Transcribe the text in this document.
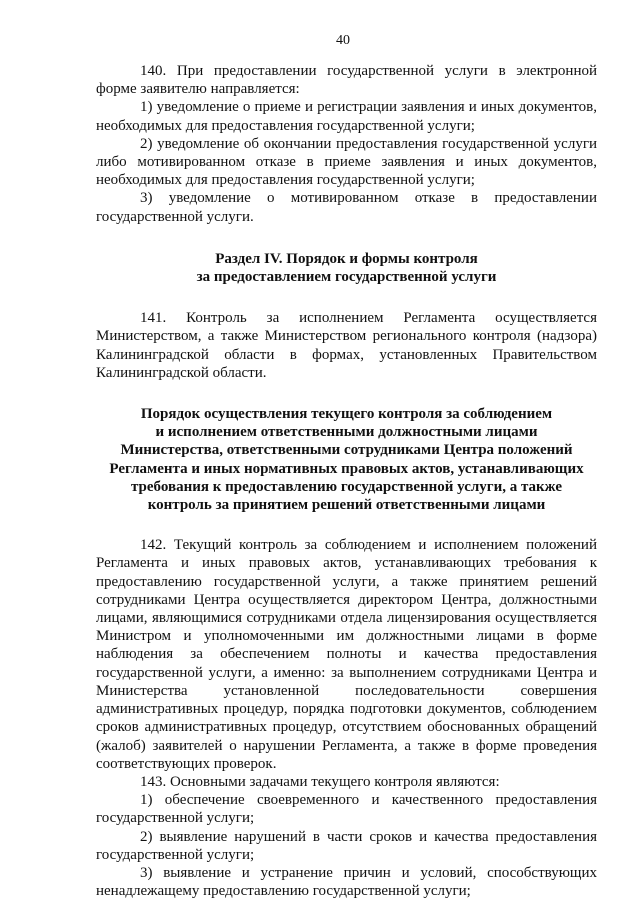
40

140. При предоставлении государственной услуги в электронной форме заявителю направляется:

1) уведомление о приеме и регистрации заявления и иных документов, необходимых для предоставления государственной услуги;

2) уведомление об окончании предоставления государственной услуги либо мотивированном отказе в приеме заявления и иных документов, необходимых для предоставления государственной услуги;

3) уведомление о мотивированном отказе в предоставлении государственной услуги.

Раздел IV. Порядок и формы контроля
за предоставлением государственной услуги

141. Контроль за исполнением Регламента осуществляется Министерством, а также Министерством регионального контроля (надзора) Калининградской области в формах, установленных Правительством Калининградской области.

Порядок осуществления текущего контроля за соблюдением
и исполнением ответственными должностными лицами
Министерства, ответственными сотрудниками Центра положений
Регламента и иных нормативных правовых актов, устанавливающих
требования к предоставлению государственной услуги, а также
контроль за принятием решений ответственными лицами

142. Текущий контроль за соблюдением и исполнением положений Регламента и иных правовых актов, устанавливающих требования к предоставлению государственной услуги, а также принятием решений сотрудниками Центра осуществляется директором Центра, должностными лицами, являющимися сотрудниками отдела лицензирования осуществляется Министром и уполномоченными им должностными лицами в форме наблюдения за обеспечением полноты и качества предоставления государственной услуги, а именно: за выполнением сотрудниками Центра и Министерства установленной последовательности совершения административных процедур, порядка подготовки документов, соблюдением сроков административных процедур, отсутствием обоснованных обращений (жалоб) заявителей о нарушении Регламента, а также в форме проведения соответствующих проверок.

143. Основными задачами текущего контроля являются:

1) обеспечение своевременного и качественного предоставления государственной услуги;

2) выявление нарушений в части сроков и качества предоставления государственной услуги;

3) выявление и устранение причин и условий, способствующих ненадлежащему предоставлению государственной услуги;
